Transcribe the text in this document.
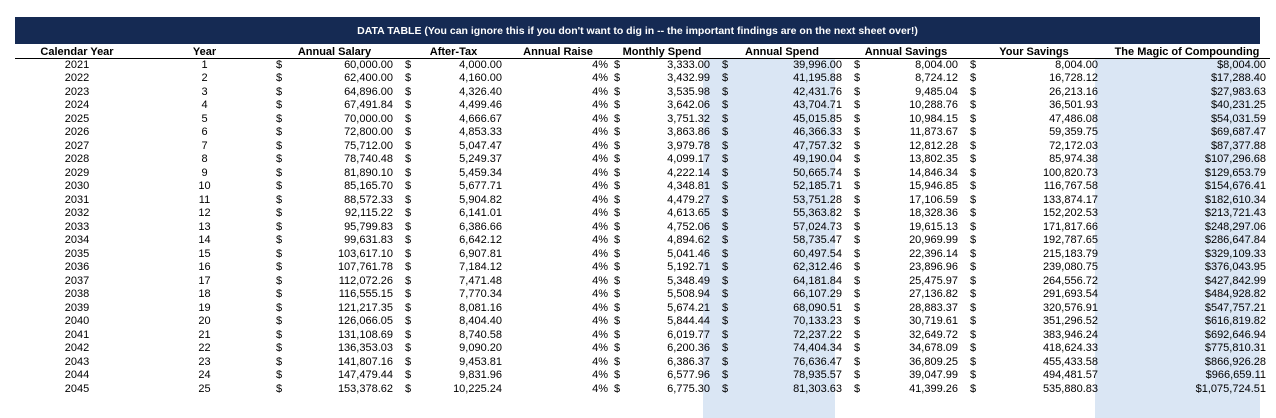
DATA TABLE (You can ignore this if you don't want to dig in -- the important findings are on the next sheet over!)
Calendar Year	Year	Annual Salary		After-Tax		Annual Raise	Monthly Spend		Annual Spend		Annual Savings		Your Savings		The Magic of Compounding
2021	1	$	60,000.00	$	4,000.00	4%	$	3,333.00	$	39,996.00	$	8,004.00	$	8,004.00	$8,004.00
2022	2	$	62,400.00	$	4,160.00	4%	$	3,432.99	$	41,195.88	$	8,724.12	$	16,728.12	$17,288.40
2023	3	$	64,896.00	$	4,326.40	4%	$	3,535.98	$	42,431.76	$	9,485.04	$	26,213.16	$27,983.63
2024	4	$	67,491.84	$	4,499.46	4%	$	3,642.06	$	43,704.71	$	10,288.76	$	36,501.93	$40,231.25
2025	5	$	70,000.00	$	4,666.67	4%	$	3,751.32	$	45,015.85	$	10,984.15	$	47,486.08	$54,031.59
2026	6	$	72,800.00	$	4,853.33	4%	$	3,863.86	$	46,366.33	$	11,873.67	$	59,359.75	$69,687.47
2027	7	$	75,712.00	$	5,047.47	4%	$	3,979.78	$	47,757.32	$	12,812.28	$	72,172.03	$87,377.88
2028	8	$	78,740.48	$	5,249.37	4%	$	4,099.17	$	49,190.04	$	13,802.35	$	85,974.38	$107,296.68
2029	9	$	81,890.10	$	5,459.34	4%	$	4,222.14	$	50,665.74	$	14,846.34	$	100,820.73	$129,653.79
2030	10	$	85,165.70	$	5,677.71	4%	$	4,348.81	$	52,185.71	$	15,946.85	$	116,767.58	$154,676.41
2031	11	$	88,572.33	$	5,904.82	4%	$	4,479.27	$	53,751.28	$	17,106.59	$	133,874.17	$182,610.34
2032	12	$	92,115.22	$	6,141.01	4%	$	4,613.65	$	55,363.82	$	18,328.36	$	152,202.53	$213,721.43
2033	13	$	95,799.83	$	6,386.66	4%	$	4,752.06	$	57,024.73	$	19,615.13	$	171,817.66	$248,297.06
2034	14	$	99,631.83	$	6,642.12	4%	$	4,894.62	$	58,735.47	$	20,969.99	$	192,787.65	$286,647.84
2035	15	$	103,617.10	$	6,907.81	4%	$	5,041.46	$	60,497.54	$	22,396.14	$	215,183.79	$329,109.33
2036	16	$	107,761.78	$	7,184.12	4%	$	5,192.71	$	62,312.46	$	23,896.96	$	239,080.75	$376,043.95
2037	17	$	112,072.26	$	7,471.48	4%	$	5,348.49	$	64,181.84	$	25,475.97	$	264,556.72	$427,842.99
2038	18	$	116,555.15	$	7,770.34	4%	$	5,508.94	$	66,107.29	$	27,136.82	$	291,693.54	$484,928.82
2039	19	$	121,217.35	$	8,081.16	4%	$	5,674.21	$	68,090.51	$	28,883.37	$	320,576.91	$547,757.21
2040	20	$	126,066.05	$	8,404.40	4%	$	5,844.44	$	70,133.23	$	30,719.61	$	351,296.52	$616,819.82
2041	21	$	131,108.69	$	8,740.58	4%	$	6,019.77	$	72,237.22	$	32,649.72	$	383,946.24	$692,646.94
2042	22	$	136,353.03	$	9,090.20	4%	$	6,200.36	$	74,404.34	$	34,678.09	$	418,624.33	$775,810.31
2043	23	$	141,807.16	$	9,453.81	4%	$	6,386.37	$	76,636.47	$	36,809.25	$	455,433.58	$866,926.28
2044	24	$	147,479.44	$	9,831.96	4%	$	6,577.96	$	78,935.57	$	39,047.99	$	494,481.57	$966,659.11
2045	25	$	153,378.62	$	10,225.24	4%	$	6,775.30	$	81,303.63	$	41,399.26	$	535,880.83	$1,075,724.51
